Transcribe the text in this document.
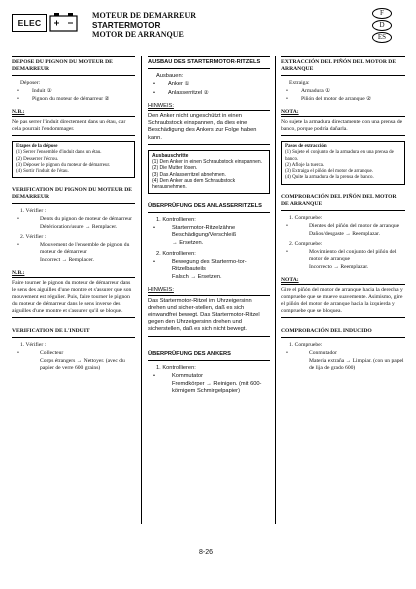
ELEC
MOTEUR DE DEMARREUR
STARTERMOTOR
MOTOR DE ARRANQUE
F
D
ES
DEPOSE DU PIGNON DU MOTEUR DE DEMARREUR
Déposer:
• Induit ①
• Pignon du moteur de démarreur ②
N.B.:
Ne pas serrer l'induit directement dans un étau, car cela pourrait l'endommager.
Etapes de la dépose
(1) Serrer l'ensemble d'induit dans un étau.
(2) Desserrer l'écrou.
(3) Déposer le pignon du moteur de démarreur.
(4) Sortir l'induit de l'étau.
VERIFICATION DU PIGNON DU MOTEUR DE DEMARREUR
1. Vérifier :
• Dents du pignon de moteur de démarreur
Détérioration/usure → Remplacer.
2. Vérifier :
• Mouvement de l'ensemble de pignon du moteur de démarreur
Incorrect → Remplacer.
N.B.:
Faire tourner le pignon du moteur de démarreur dans le sens des aiguilles d'une montre et s'assurer que son mouvement est régulier. Puis, faire tourner le pignon du moteur de démarreur dans le sens inverse des aiguilles d'une montre et s'assurer qu'il se bloque.
VERIFICATION DE L'INDUIT
1. Vérifier :
• Collecteur
Corps étrangers → Nettoyer. (avec du papier de verre 600 grains)
AUSBAU DES STARTERMOTOR-RITZELS
Ausbauen:
• Anker ①
• Anlasserritzel ②
HINWEIS:
Den Anker nicht ungeschützt in einen Schraubstock einspannen, da dies eine Beschädigung des Ankers zur Folge haben kann.
Ausbauschritte
(1) Den Anker in einen Schraubstock einspannen.
(2) Die Mutter lösen.
(3) Das Anlasserritzel abnehmen.
(4) Den Anker aus dem Schraubstock herausnehmen.
ÜBERPRÜFUNG DES ANLASSERRITZELS
1. Kontrollieren:
• Startermotor-Ritzelzähne Beschädigung/Verschleiß
→ Ersetzen.
2. Kontrollieren:
• Bewegung des Startermo-tor-Ritzelbauteils
Falsch → Ersetzen.
HINWEIS:
Das Startermotor-Ritzel im Uhrzeigersinn drehen und sicher-stellen, daß es sich einwandfrei bewegt. Das Startermotor-Ritzel gegen den Uhrzeigersinn drehen und sicherstellen, daß es sich nicht bewegt.
ÜBERPRÜFUNG DES ANKERS
1. Kontrollieren:
• Kommutator
Fremdkörper → Reinigen. (mit 600-körnigem Schmirgelpapier)
EXTRACCIÓN DEL PIÑÓN DEL MOTOR DE ARRANQUE
Extraiga:
• Armadura ①
• Piñón del motor de arranque ②
NOTA:
No sujete la armadura directamente con una prensa de banco, porque podría dañarla.
Pasos de extracción
(1) Sujete el conjunto de la armadura en una prensa de banco.
(2) Afloje la tuerca.
(3) Extraiga el piñón del motor de arranque.
(4) Quite la armadura de la prensa de banco.
COMPROBACIÓN DEL PIÑÓN DEL MOTOR DE ARRANQUE
1. Compruebe:
• Dientes del piñón del motor de arranque
Daños/desgaste → Reemplazar.
2. Compruebe:
• Movimiento del conjunto del piñón del motor de arranque
Incorrecto → Reemplazar.
NOTA:
Gire el piñón del motor de arranque hacia la derecha y compruebe que se mueve suavemente. Asimismo, gire el piñón del motor de arranque hacia la izquierda y compruebe que se bloquea.
COMPROBACIÓN DEL INDUCIDO
1. Compruebe:
• Conmutador
Materia extraña → Limpiar. (con un papel de lija de grado 600)
8-26
